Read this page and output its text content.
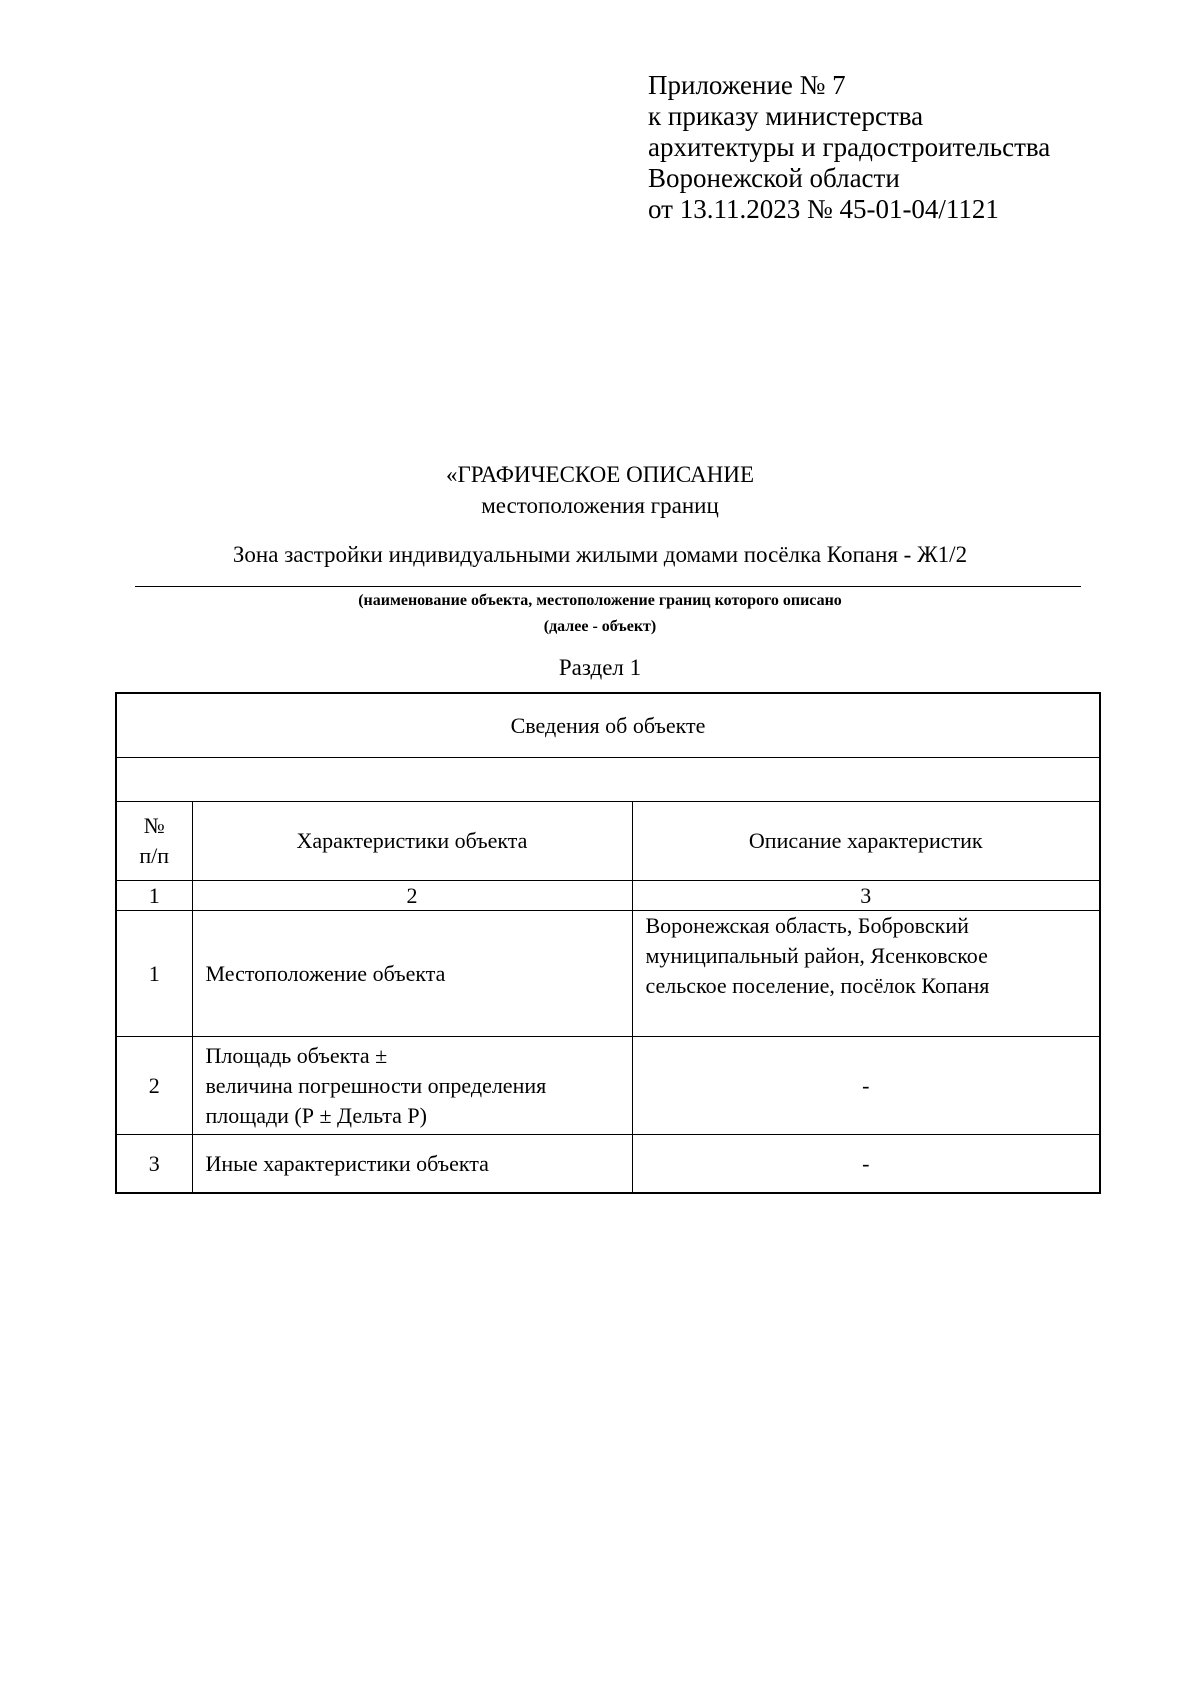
Приложение № 7
к приказу министерства
архитектуры и градостроительства
Воронежской области
от 13.11.2023 № 45-01-04/1121
«ГРАФИЧЕСКОЕ ОПИСАНИЕ
местоположения границ
Зона застройки индивидуальными жилыми домами посёлка Копаня - Ж1/2
(наименование объекта, местоположение границ которого описано
(далее - объект)
Раздел 1
Сведения об объекте		

№
п/п	Характеристики объекта	Описание характеристик
1	2	3
1	Местоположение объекта	Воронежская область, Бобровский
муниципальный район, Ясенковское
сельское поселение, посёлок Копаня

2	Площадь объекта ±
величина погрешности определения
площади (Р ± Дельта Р)	-
3	Иные характеристики объекта	-
